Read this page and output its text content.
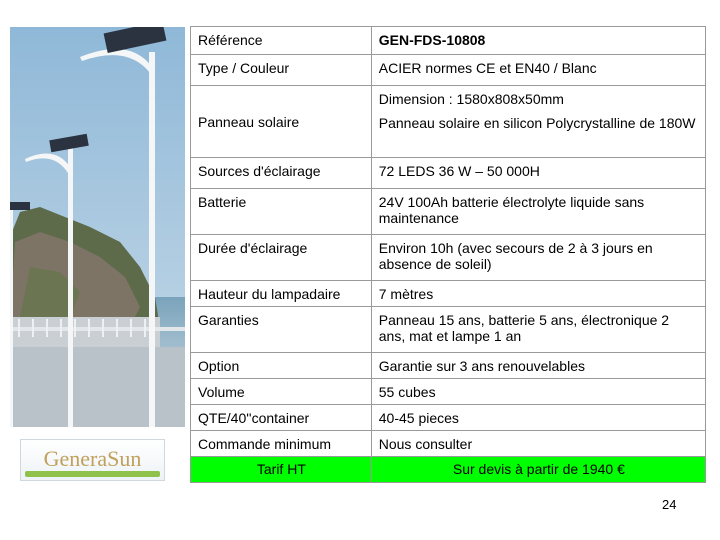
GeneraSun
Référence	GEN-FDS-10808
Type / Couleur	ACIER normes CE et EN40 / Blanc
Panneau solaire	Dimension : 1580x808x50mm
Panneau solaire en silicon Polycrystalline de 180W

Sources d'éclairage	72 LEDS 36 W – 50 000H
Batterie	24V 100Ah batterie électrolyte liquide sans maintenance
Durée d'éclairage	Environ 10h (avec secours de 2 à 3 jours en absence de soleil)
Hauteur du lampadaire	7 mètres
Garanties	Panneau 15 ans, batterie 5 ans, électronique 2 ans, mat et lampe 1 an
Option	Garantie sur 3 ans renouvelables
Volume	55 cubes
QTE/40''container	40-45 pieces
Commande minimum	Nous consulter
Tarif HT	Sur devis à partir de 1940 €
24
